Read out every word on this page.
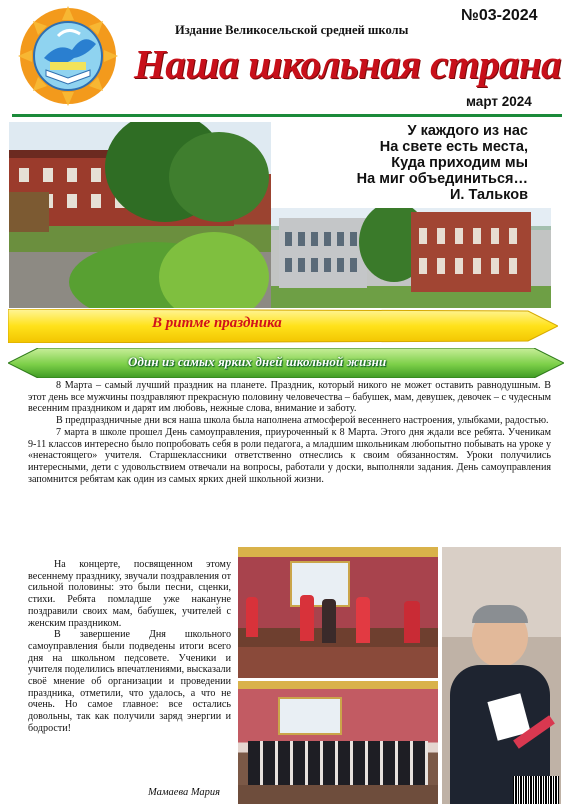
Издание Великосельской средней школы
№03-2024
Наша школьная страна
март 2024
У каждого из нас
На свете есть места,
Куда приходим мы
На миг объединиться…
И. Тальков
В ритме праздника
Один из самых ярких дней школьной жизни

8 Марта – самый лучший праздник на планете. Праздник, который никого не может оставить равнодушным. В этот день все мужчины поздравляют прекрасную половину человечества – бабушек, мам, девушек, девочек – с чудесным весенним праздником и дарят им любовь, нежные слова, внимание и заботу.

В предпраздничные дни вся наша школа была наполнена атмосферой весеннего настроения, улыбками, радостью.

7 марта в школе прошел День самоуправления, приуроченный к 8 Марта. Этого дня ждали все ребята. Ученикам 9-11 классов интересно было попробовать себя в роли педагога, а младшим школьникам любопытно побывать на уроке у «ненастоящего» учителя. Старшеклассники ответственно отнеслись к своим обязанностям. Уроки получились интересными, дети с удовольствием отвечали на вопросы, работали у доски, выполняли задания. День самоуправления запомнится ребятам как один из самых ярких дней школьной жизни.

На концерте, посвященном этому весеннему празднику, звучали поздравления от сильной половины: это были песни, сценки, стихи. Ребята помладше уже накануне поздравили своих мам, бабушек, учителей с женским праздником.

В завершение Дня школьного самоуправления были подведены итоги всего дня на школьном педсовете. Ученики и учителя поделились впечатлениями, высказали своё мнение об организации и проведении праздника, отметили, что удалось, а что не очень. Но самое главное: все остались довольны, так как получили заряд энергии и бодрости!

Мамаева Мария
